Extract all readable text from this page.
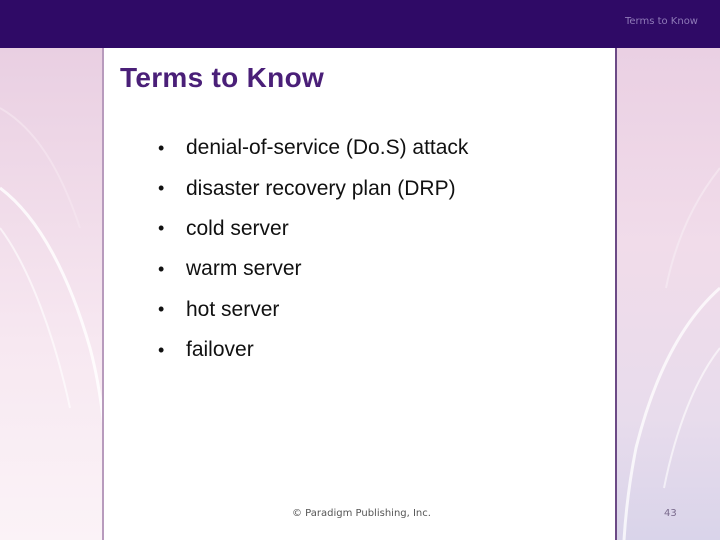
Terms to Know
Terms to Know
•	denial-of-service (Do.S) attack
•	disaster recovery plan (DRP)
•	cold server
•	warm server
•	hot server
•	failover
© Paradigm Publishing, Inc.	43
